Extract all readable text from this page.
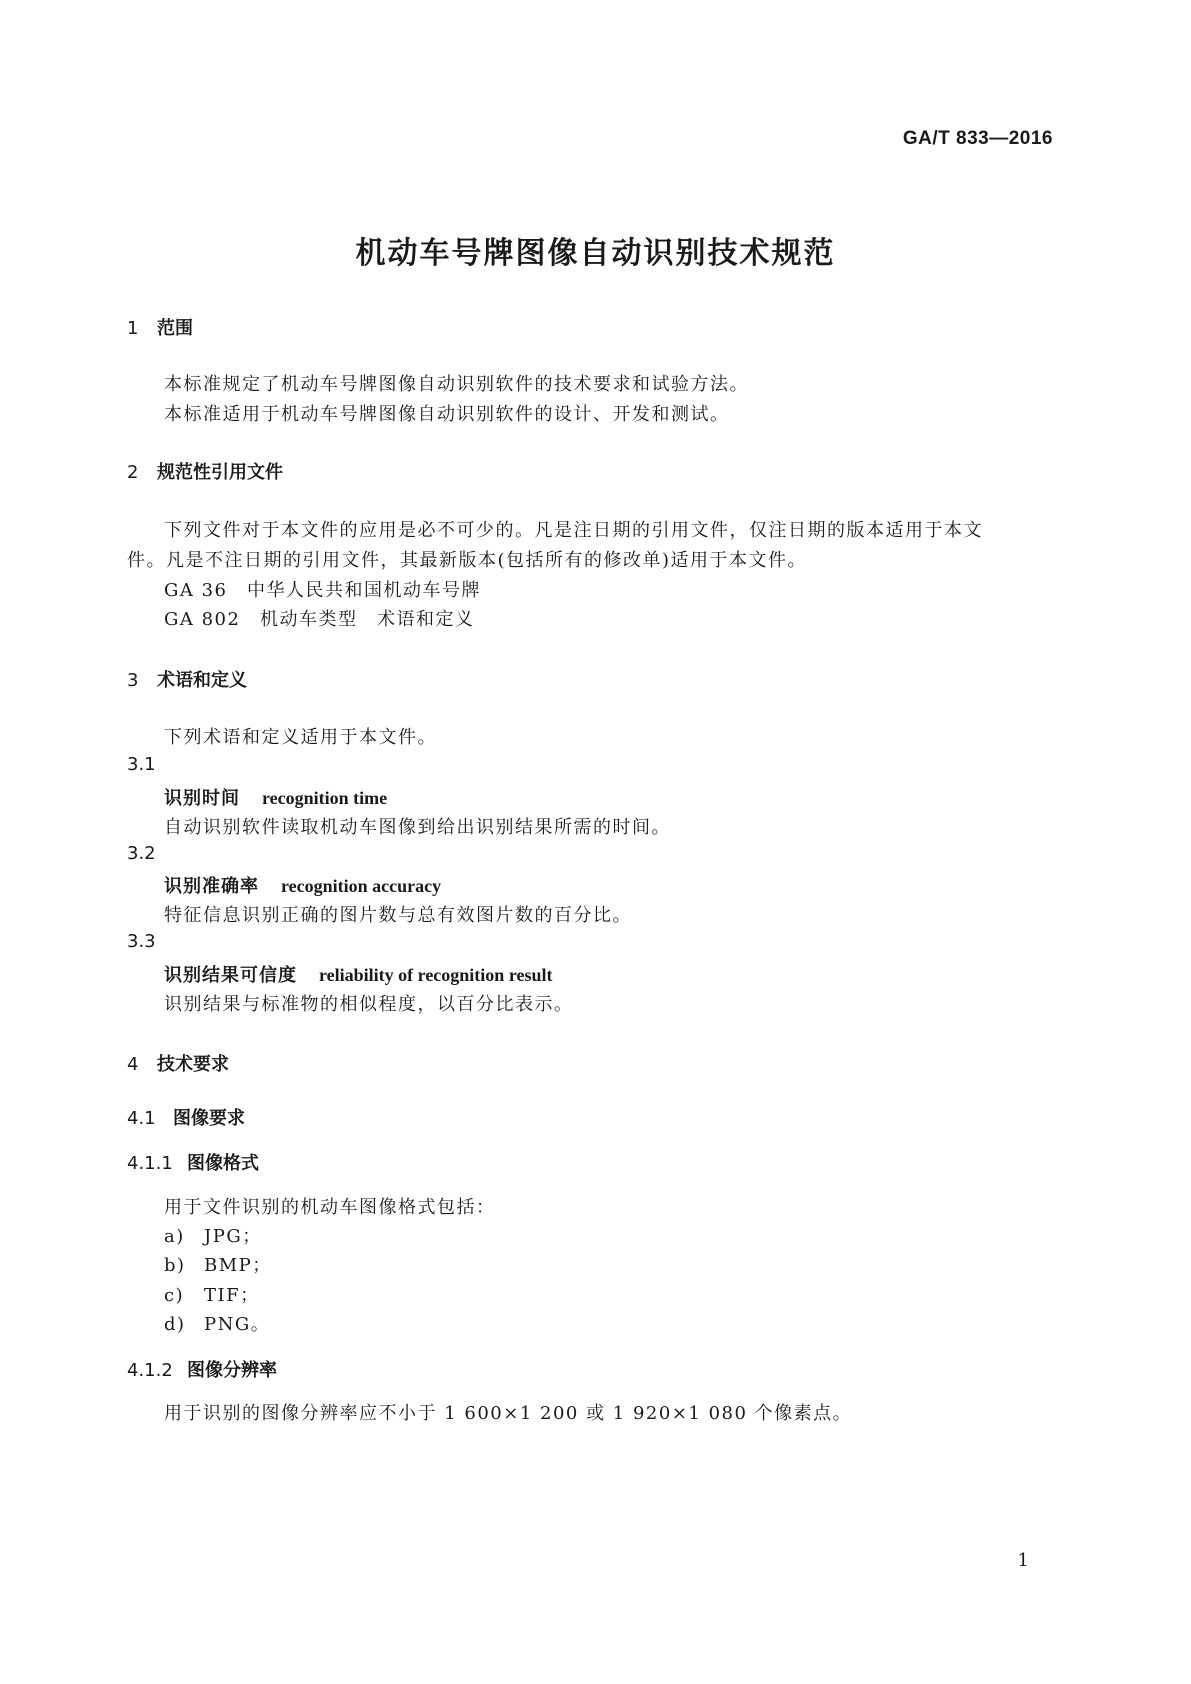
GA/T 833—2016
机动车号牌图像自动识别技术规范
1 范围
本标准规定了机动车号牌图像自动识别软件的技术要求和试验方法。
本标准适用于机动车号牌图像自动识别软件的设计、开发和测试。
2 规范性引用文件
下列文件对于本文件的应用是必不可少的。凡是注日期的引用文件，仅注日期的版本适用于本文
件。凡是不注日期的引用文件，其最新版本(包括所有的修改单)适用于本文件。
GA 36　中华人民共和国机动车号牌
GA 802　机动车类型　术语和定义
3 术语和定义
下列术语和定义适用于本文件。
3.1
识别时间 recognition time
自动识别软件读取机动车图像到给出识别结果所需的时间。
3.2
识别准确率 recognition accuracy
特征信息识别正确的图片数与总有效图片数的百分比。
3.3
识别结果可信度 reliability of recognition result
识别结果与标准物的相似程度，以百分比表示。
4 技术要求
4.1 图像要求
4.1.1 图像格式
用于文件识别的机动车图像格式包括：
a) JPG；
b) BMP；
c) TIF；
d) PNG。
4.1.2 图像分辨率
用于识别的图像分辨率应不小于 1 600×1 200 或 1 920×1 080 个像素点。
1
